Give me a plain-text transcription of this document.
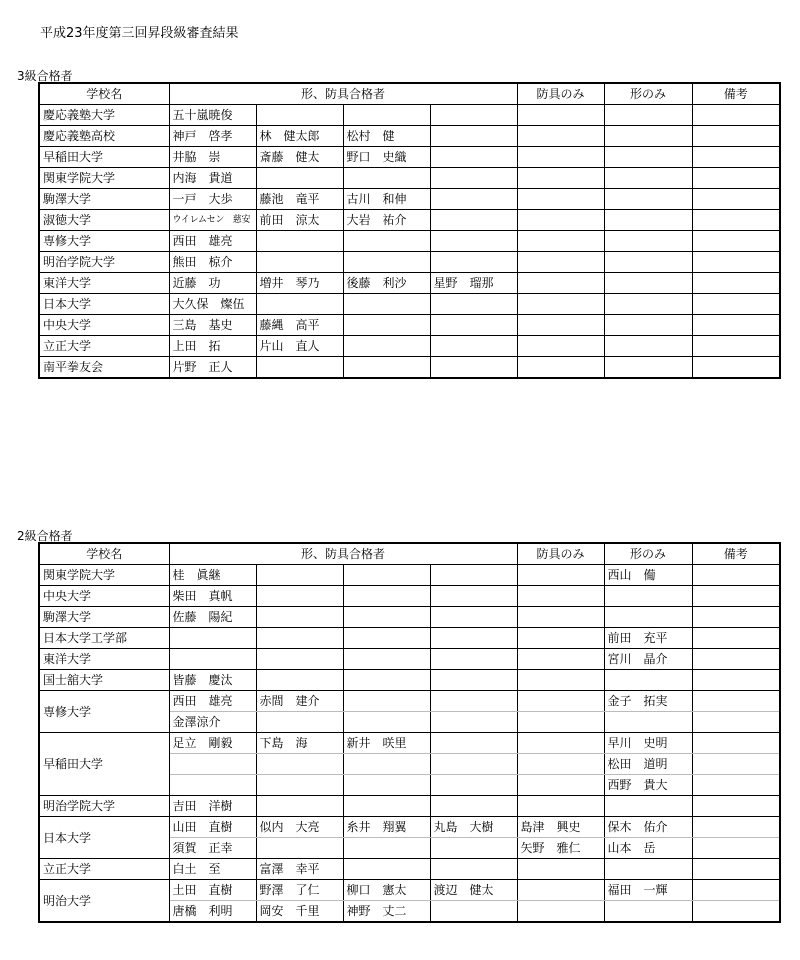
平成23年度第三回昇段級審査結果
3級合格者
学校名	形、防具合格者				防具のみ	形のみ	備考
慶応義塾大学	五十嵐暁俊						
慶応義塾高校	神戸　啓孝	林　健太郎	松村　健				
早稲田大学	井脇　崇	斎藤　健太	野口　史織				
関東学院大学	内海　貴道						
駒澤大学	一戸　大歩	藤池　竜平	古川　和伸				
淑徳大学	ウイレムセン　慈安	前田　涼太	大岩　祐介				
専修大学	西田　雄亮						
明治学院大学	熊田　椋介						
東洋大学	近藤　功	増井　琴乃	後藤　利沙	星野　瑠那			
日本大学	大久保　燦伍						
中央大学	三島　基史	藤縄　高平					
立正大学	上田　拓	片山　直人					
南平拳友会	片野　正人						
2級合格者
学校名	形、防具合格者				防具のみ	形のみ	備考
関東学院大学	桂　眞継					西山　僃	
中央大学	柴田　真帆						
駒澤大学	佐藤　陽紀						
日本大学工学部						前田　充平	
東洋大学						宮川　晶介	
国士舘大学	皆藤　慶汰						
専修大学	西田　雄亮	赤間　建介				金子　拓実	
	金澤涼介						
早稲田大学	足立　剛毅	下島　海	新井　咲里			早川　史明	
						松田　道明	
						西野　貴大	
明治学院大学	吉田　洋樹						
日本大学	山田　直樹	似内　大亮	糸井　翔翼	丸島　大樹	島津　興史	保木　佑介	
	須賀　正幸				矢野　雅仁	山本　岳	
立正大学	白土　至	富澤　幸平					
明治大学	土田　直樹	野澤　了仁	柳口　憲太	渡辺　健太		福田　一輝	
	唐橋　利明	岡安　千里	神野　丈二				
